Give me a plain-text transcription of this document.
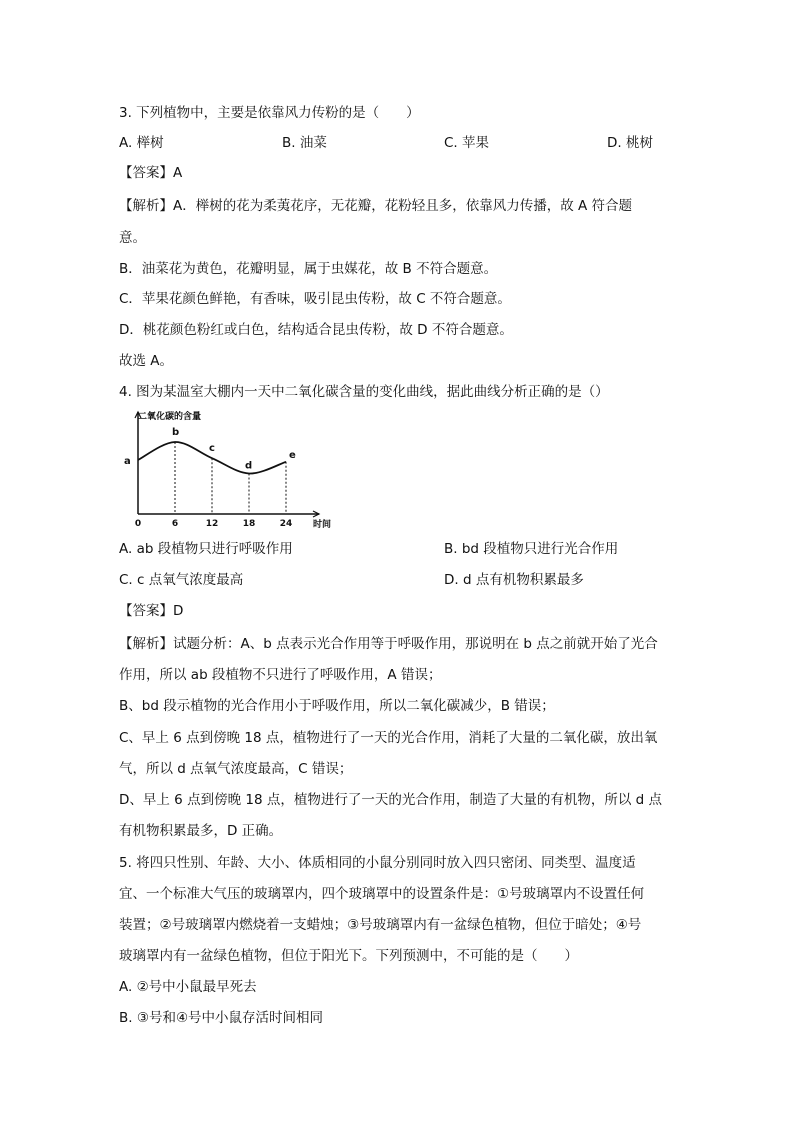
3. 下列植物中，主要是依靠风力传粉的是（　　）
A. 榉树	B. 油菜	C. 苹果	D. 桃树
【答案】A
【解析】A．榉树的花为柔荑花序，无花瓣，花粉轻且多，依靠风力传播，故 A 符合题
意。
B．油菜花为黄色，花瓣明显，属于虫媒花，故 B 不符合题意。
C．苹果花颜色鲜艳，有香味，吸引昆虫传粉，故 C 不符合题意。
D．桃花颜色粉红或白色，结构适合昆虫传粉，故 D 不符合题意。
故选 A。
4. 图为某温室大棚内一天中二氧化碳含量的变化曲线，据此曲线分析正确的是（）
二氧化碳的含量
时间
a
b
c
d
e
0	6	12	18	24
A. ab 段植物只进行呼吸作用	B. bd 段植物只进行光合作用
C. c 点氧气浓度最高	D. d 点有机物积累最多
【答案】D
【解析】试题分析：A、b 点表示光合作用等于呼吸作用，那说明在 b 点之前就开始了光合
作用，所以 ab 段植物不只进行了呼吸作用，A 错误；
B、bd 段示植物的光合作用小于呼吸作用，所以二氧化碳减少，B 错误；
C、早上 6 点到傍晚 18 点，植物进行了一天的光合作用，消耗了大量的二氧化碳，放出氧
气，所以 d 点氧气浓度最高，C 错误；
D、早上 6 点到傍晚 18 点，植物进行了一天的光合作用，制造了大量的有机物，所以 d 点
有机物积累最多，D 正确。
5. 将四只性别、年龄、大小、体质相同的小鼠分别同时放入四只密闭、同类型、温度适
宜、一个标准大气压的玻璃罩内，四个玻璃罩中的设置条件是：①号玻璃罩内不设置任何
装置；②号玻璃罩内燃烧着一支蜡烛；③号玻璃罩内有一盆绿色植物，但位于暗处；④号
玻璃罩内有一盆绿色植物，但位于阳光下。下列预测中，不可能的是（　　）
A. ②号中小鼠最早死去
B. ③号和④号中小鼠存活时间相同
